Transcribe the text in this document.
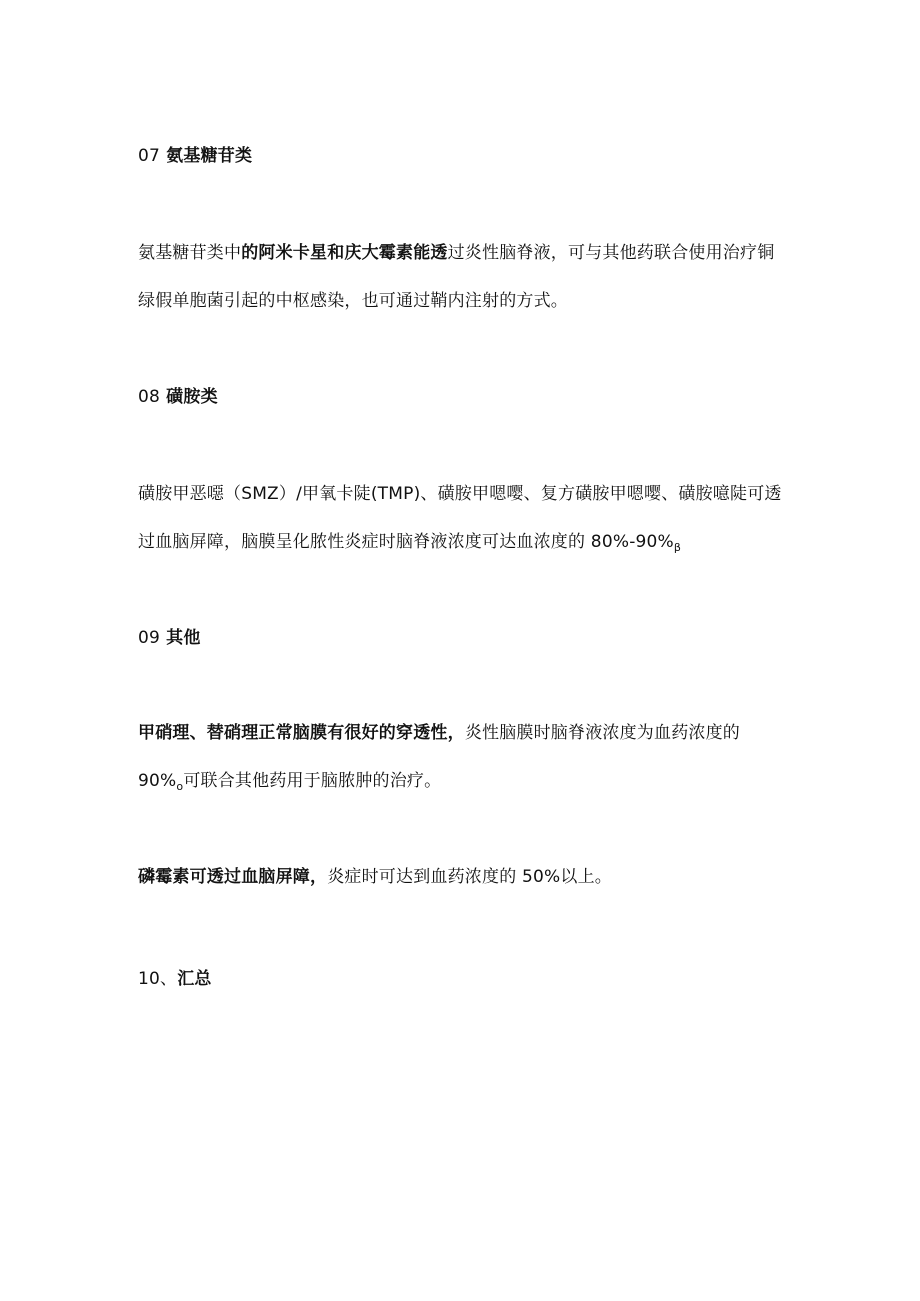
07 氨基糖苷类
氨基糖苷类中的阿米卡星和庆大霉素能透过炎性脑脊液，可与其他药联合使用治疗铜
绿假单胞菌引起的中枢感染，也可通过鞘内注射的方式。
08 磺胺类
磺胺甲恶噁（SMZ）/甲氧卡陡(TMP)、磺胺甲嗯嘤、复方磺胺甲嗯嘤、磺胺噫陡可透
过血脑屏障，脑膜呈化脓性炎症时脑脊液浓度可达血浓度的 $80\%-90\%_\beta$
09 其他
甲硝理、替硝理正常脑膜有很好的穿透性，炎性脑膜时脑脊液浓度为血药浓度的
$90\%_o$可联合其他药用于脑脓肿的治疗。
磷霉素可透过血脑屏障，炎症时可达到血药浓度的 50%以上。
10、汇总
